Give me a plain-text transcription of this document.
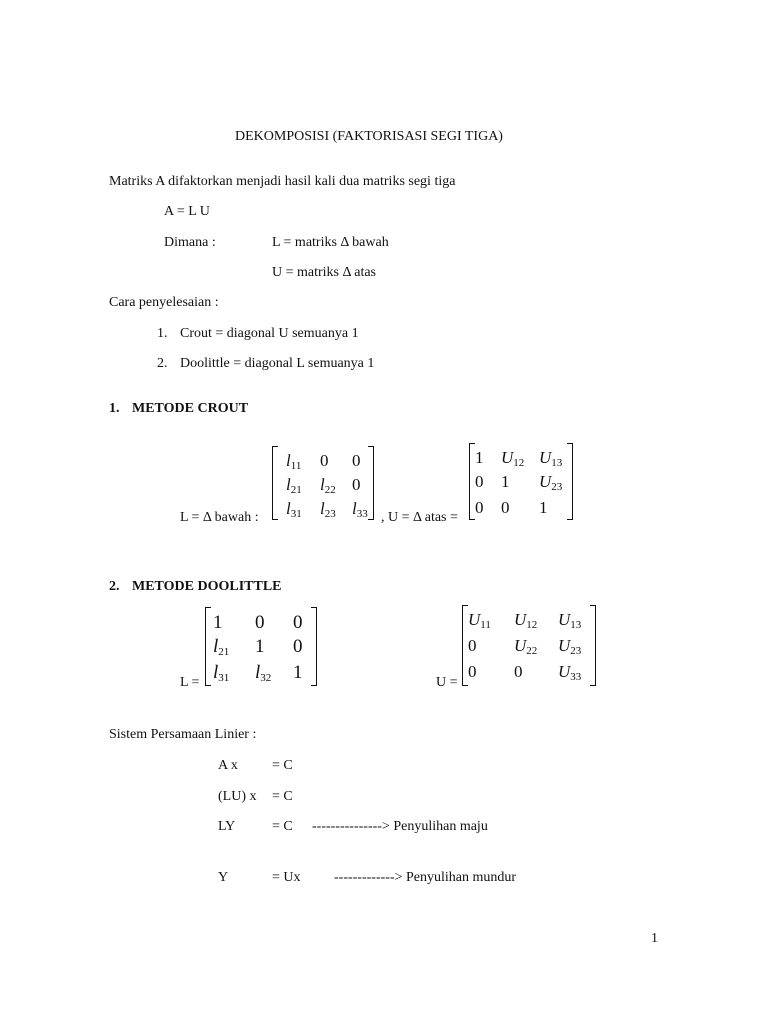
DEKOMPOSISI (FAKTORISASI SEGI TIGA)
Matriks A difaktorkan menjadi hasil kali dua matriks segi tiga
A = L U
Dimana :	L = matriks Δ bawah
U = matriks Δ atas
Cara penyelesaian :
1. Crout = diagonal U semuanya 1
2. Doolittle = diagonal L semuanya 1
1. METODE CROUT
L = Δ bawah :
$l_{11}$ 0 0
$l_{21}$ $l_{22}$ 0
$l_{31}$ $l_{23}$ $l_{33}$ , U = Δ atas =
1 $U_{12}$ $U_{13}$
0 1 $U_{23}$
0 0 1
2. METODE DOOLITTLE
L =
1 0 0
$l_{21}$ 1 0
$l_{31}$ $l_{32}$ 1	U =
$U_{11}$ $U_{12}$ $U_{13}$
0 $U_{22}$ $U_{23}$
0 0 $U_{33}$
Sistem Persamaan Linier :
A x = C
(LU) x = C
LY	= C ---------------> Penyulihan maju
Y	= Ux -------------> Penyulihan mundur
1
